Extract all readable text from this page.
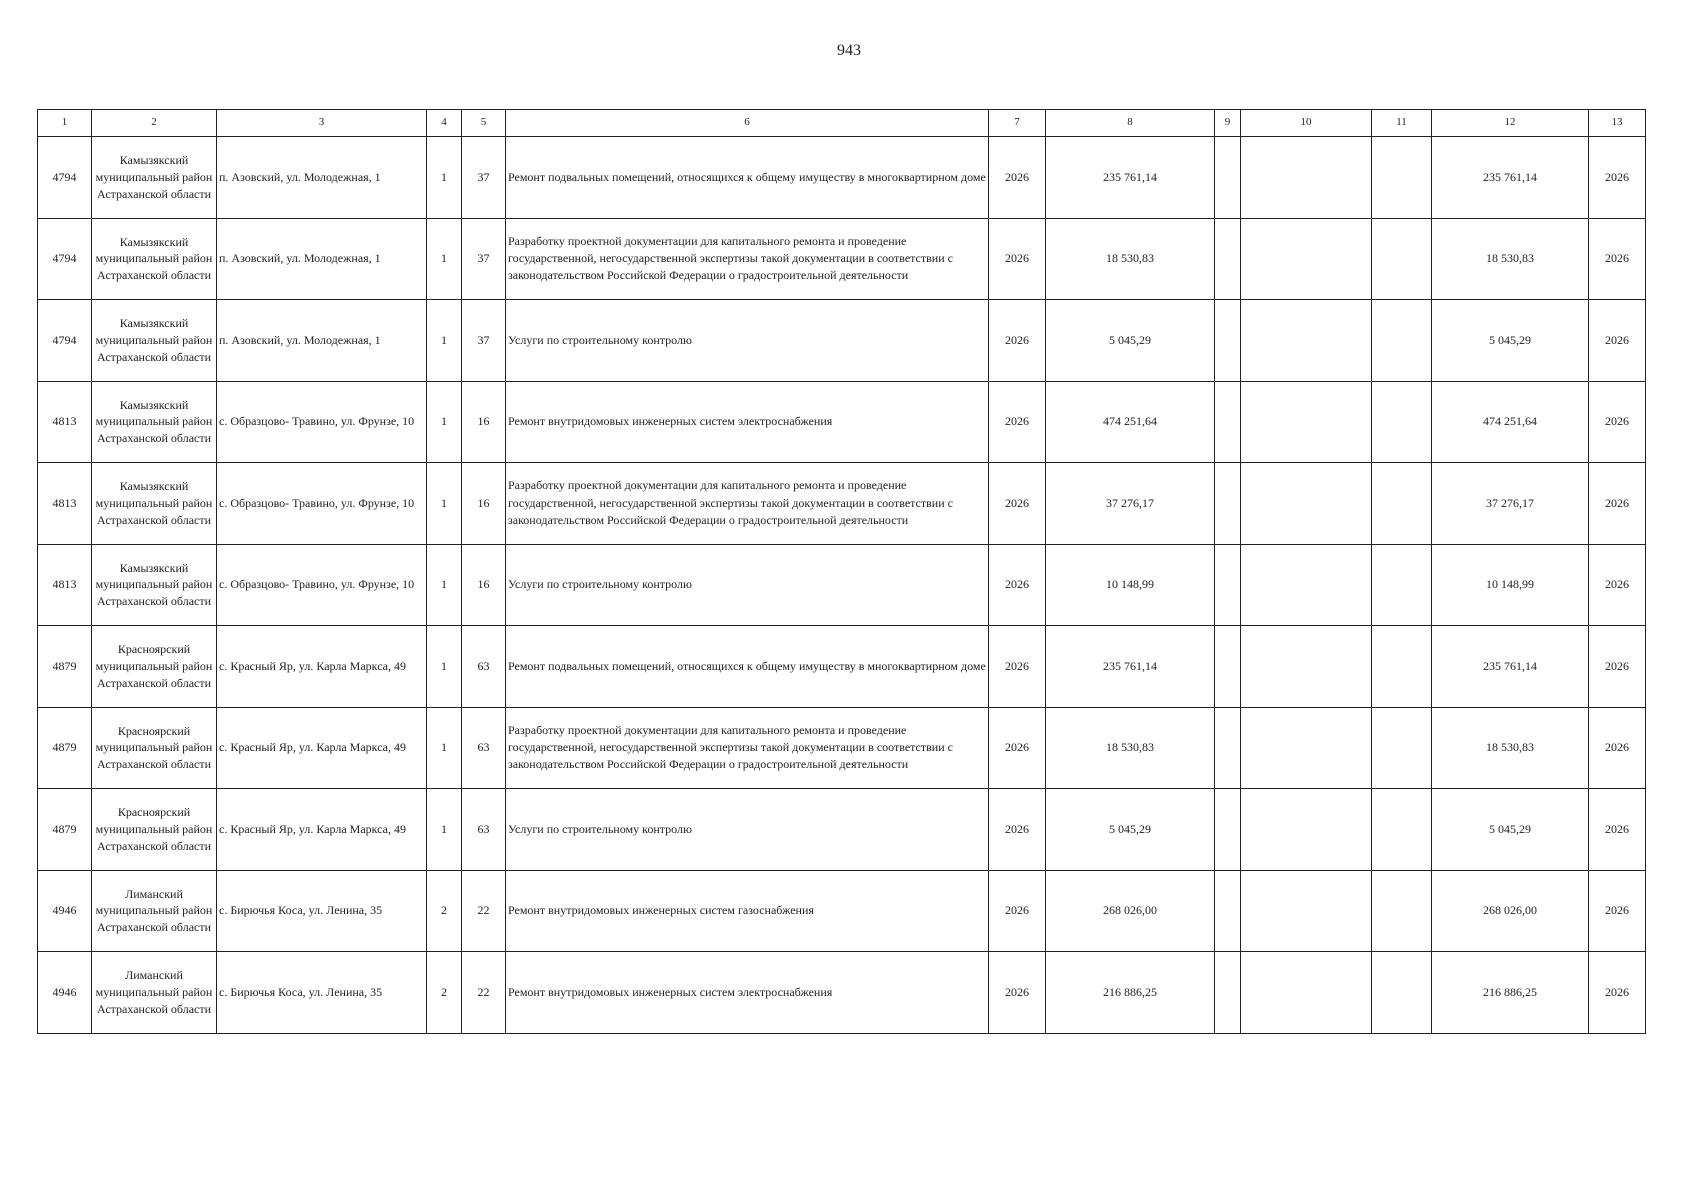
943
1	2	3	4	5	6	7	8	9	10	11	12	13
4794	Камызякский муниципальный район Астраханской области	п. Азовский, ул. Молодежная, 1	1	37	Ремонт подвальных помещений, относящихся к общему имуществу в многоквартирном доме	2026	235 761,14				235 761,14	2026
4794	Камызякский муниципальный район Астраханской области	п. Азовский, ул. Молодежная, 1	1	37	Разработку проектной документации для капитального ремонта и проведение государственной, негосударственной экспертизы такой документации в соответствии с законодательством Российской Федерации о градостроительной деятельности	2026	18 530,83				18 530,83	2026
4794	Камызякский муниципальный район Астраханской области	п. Азовский, ул. Молодежная, 1	1	37	Услуги по строительному контролю	2026	5 045,29				5 045,29	2026
4813	Камызякский муниципальный район Астраханской области	с. Образцово- Травино, ул. Фрунзе, 10	1	16	Ремонт внутридомовых инженерных систем электроснабжения	2026	474 251,64				474 251,64	2026
4813	Камызякский муниципальный район Астраханской области	с. Образцово- Травино, ул. Фрунзе, 10	1	16	Разработку проектной документации для капитального ремонта и проведение государственной, негосударственной экспертизы такой документации в соответствии с законодательством Российской Федерации о градостроительной деятельности	2026	37 276,17				37 276,17	2026
4813	Камызякский муниципальный район Астраханской области	с. Образцово- Травино, ул. Фрунзе, 10	1	16	Услуги по строительному контролю	2026	10 148,99				10 148,99	2026
4879	Красноярский муниципальный район Астраханской области	с. Красный Яр, ул. Карла Маркса, 49	1	63	Ремонт подвальных помещений, относящихся к общему имуществу в многоквартирном доме	2026	235 761,14				235 761,14	2026
4879	Красноярский муниципальный район Астраханской области	с. Красный Яр, ул. Карла Маркса, 49	1	63	Разработку проектной документации для капитального ремонта и проведение государственной, негосударственной экспертизы такой документации в соответствии с законодательством Российской Федерации о градостроительной деятельности	2026	18 530,83				18 530,83	2026
4879	Красноярский муниципальный район Астраханской области	с. Красный Яр, ул. Карла Маркса, 49	1	63	Услуги по строительному контролю	2026	5 045,29				5 045,29	2026
4946	Лиманский муниципальный район Астраханской области	с. Бирючья Коса, ул. Ленина, 35	2	22	Ремонт внутридомовых инженерных систем газоснабжения	2026	268 026,00				268 026,00	2026
4946	Лиманский муниципальный район Астраханской области	с. Бирючья Коса, ул. Ленина, 35	2	22	Ремонт внутридомовых инженерных систем электроснабжения	2026	216 886,25				216 886,25	2026
